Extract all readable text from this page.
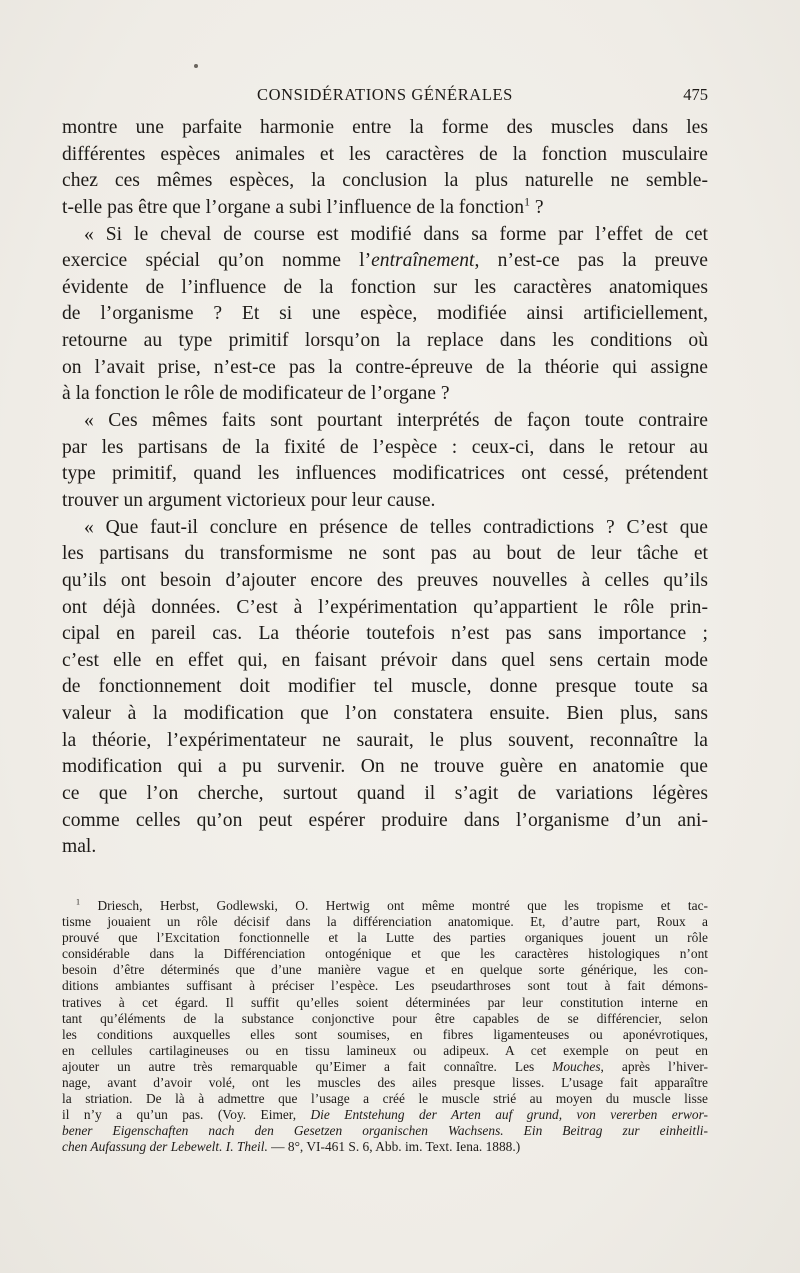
CONSIDÉRATIONS GÉNÉRALES	475
montre une parfaite harmonie entre la forme des muscles dans les
différentes espèces animales et les caractères de la fonction musculaire
chez ces mêmes espèces, la conclusion la plus naturelle ne semble-
t-elle pas être que l’organe a subi l’influence de la fonction$^1$ ?
« Si le cheval de course est modifié dans sa forme par l’effet de cet
exercice spécial qu’on nomme l’entraînement, n’est-ce pas la preuve
évidente de l’influence de la fonction sur les caractères anatomiques
de l’organisme ? Et si une espèce, modifiée ainsi artificiellement,
retourne au type primitif lorsqu’on la replace dans les conditions où
on l’avait prise, n’est-ce pas la contre-épreuve de la théorie qui assigne
à la fonction le rôle de modificateur de l’organe ?
« Ces mêmes faits sont pourtant interprétés de façon toute contraire
par les partisans de la fixité de l’espèce : ceux-ci, dans le retour au
type primitif, quand les influences modificatrices ont cessé, prétendent
trouver un argument victorieux pour leur cause.
« Que faut-il conclure en présence de telles contradictions ? C’est que
les partisans du transformisme ne sont pas au bout de leur tâche et
qu’ils ont besoin d’ajouter encore des preuves nouvelles à celles qu’ils
ont déjà données. C’est à l’expérimentation qu’appartient le rôle prin-
cipal en pareil cas. La théorie toutefois n’est pas sans importance ;
c’est elle en effet qui, en faisant prévoir dans quel sens certain mode
de fonctionnement doit modifier tel muscle, donne presque toute sa
valeur à la modification que l’on constatera ensuite. Bien plus, sans
la théorie, l’expérimentateur ne saurait, le plus souvent, reconnaître la
modification qui a pu survenir. On ne trouve guère en anatomie que
ce que l’on cherche, surtout quand il s’agit de variations légères
comme celles qu’on peut espérer produire dans l’organisme d’un ani-
mal.
$^1$ Driesch, Herbst, Godlewski, O. Hertwig ont même montré que les tropisme et tac-
tisme jouaient un rôle décisif dans la différenciation anatomique. Et, d’autre part, Roux a
prouvé que l’Excitation fonctionnelle et la Lutte des parties organiques jouent un rôle
considérable dans la Différenciation ontogénique et que les caractères histologiques n’ont
besoin d’être déterminés que d’une manière vague et en quelque sorte générique, les con-
ditions ambiantes suffisant à préciser l’espèce. Les pseudarthroses sont tout à fait démons-
tratives à cet égard. Il suffit qu’elles soient déterminées par leur constitution interne en
tant qu’éléments de la substance conjonctive pour être capables de se différencier, selon
les conditions auxquelles elles sont soumises, en fibres ligamenteuses ou aponévrotiques,
en cellules cartilagineuses ou en tissu lamineux ou adipeux. A cet exemple on peut en
ajouter un autre très remarquable qu’Eimer a fait connaître. Les Mouches, après l’hiver-
nage, avant d’avoir volé, ont les muscles des ailes presque lisses. L’usage fait apparaître
la striation. De là à admettre que l’usage a créé le muscle strié au moyen du muscle lisse
il n’y a qu’un pas. (Voy. Eimer, Die Entstehung der Arten auf grund, von vererben erwor-
bener Eigenschaften nach den Gesetzen organischen Wachsens. Ein Beitrag zur einheitli-
chen Aufassung der Lebewelt. I. Theil. — 8°, VI-461 S. 6, Abb. im. Text. Iena. 1888.)
